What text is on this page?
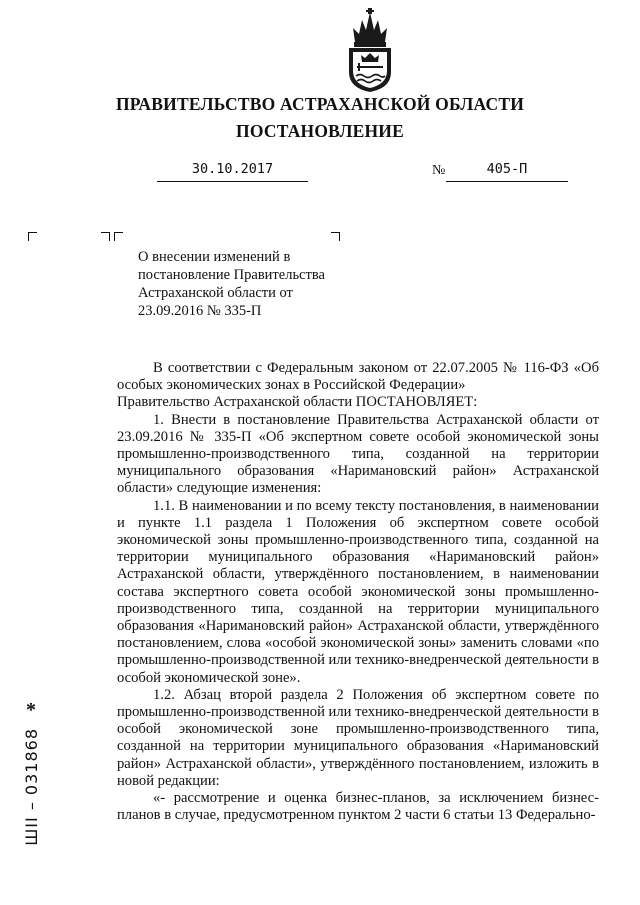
ПРАВИТЕЛЬСТВО АСТРАХАНСКОЙ ОБЛАСТИ
ПОСТАНОВЛЕНИЕ
30.10.2017	№	405-П
О внесении изменений в постановление Правительства Астраханской области от 23.09.2016 № 335-П

В соответствии с Федеральным законом от 22.07.2005 № 116-ФЗ «Об особых экономических зонах в Российской Федерации»

Правительство Астраханской области ПОСТАНОВЛЯЕТ:

1. Внести в постановление Правительства Астраханской области от 23.09.2016 № 335-П «Об экспертном совете особой экономической зоны промышленно-производственного типа, созданной на территории муниципального образования «Наримановский район» Астраханской области» следующие изменения:

1.1. В наименовании и по всему тексту постановления, в наименовании и пункте 1.1 раздела 1 Положения об экспертном совете особой экономической зоны промышленно-производственного типа, созданной на территории муниципального образования «Наримановский район» Астраханской области, утверждённого постановлением, в наименовании состава экспертного совета особой экономической зоны промышленно-производственного типа, созданной на территории муниципального образования «Наримановский район» Астраханской области, утверждённого постановлением, слова «особой экономической зоны» заменить словами «по промышленно-производственной или технико-внедренческой деятельности в особой экономической зоне».

1.2. Абзац второй раздела 2 Положения об экспертном совете по промышленно-производственной или технико-внедренческой деятельности в особой экономической зоне промышленно-производственного типа, созданной на территории муниципального образования «Наримановский район» Астраханской области», утверждённого постановлением, изложить в новой редакции:

«- рассмотрение и оценка бизнес-планов, за исключением бизнес-планов в случае, предусмотренном пунктом 2 части 6 статьи 13 Федерально-

*
ШII – 031868
